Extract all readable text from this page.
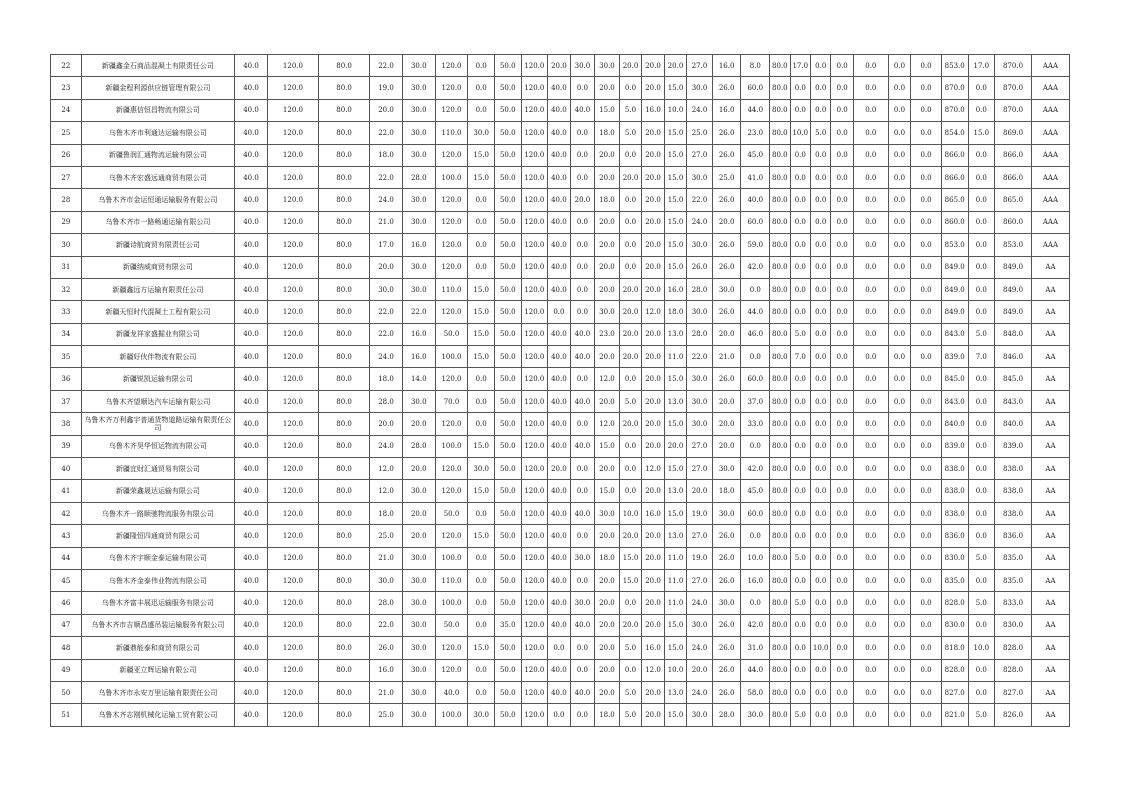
22	新疆鑫金石商品混凝土有限责任公司	40.0	120.0	80.0	22.0	30.0	120.0	0.0	50.0	120.0	20.0	30.0	30.0	20.0	20.0	20.0	27.0	16.0	8.0	80.0	17.0	0.0	0.0	0.0	0.0	0.0	853.0	17.0	870.0	AAA
23	新疆金程利源供应链管理有限公司	40.0	120.0	80.0	19.0	30.0	120.0	0.0	50.0	120.0	40.0	0.0	20.0	0.0	20.0	15.0	30.0	26.0	60.0	80.0	0.0	0.0	0.0	0.0	0.0	0.0	870.0	0.0	870.0	AAA
24	新疆惠信恒昌物流有限公司	40.0	120.0	80.0	20.0	30.0	120.0	0.0	50.0	120.0	40.0	40.0	15.0	5.0	16.0	10.0	24.0	16.0	44.0	80.0	0.0	0.0	0.0	0.0	0.0	0.0	870.0	0.0	870.0	AAA
25	乌鲁木齐市利通达运输有限公司	40.0	120.0	80.0	22.0	30.0	110.0	30.0	50.0	120.0	40.0	0.0	18.0	5.0	20.0	15.0	25.0	26.0	23.0	80.0	10.0	5.0	0.0	0.0	0.0	0.0	854.0	15.0	869.0	AAA
26	新疆鲁润汇通物流运输有限公司	40.0	120.0	80.0	18.0	30.0	120.0	15.0	50.0	120.0	40.0	0.0	20.0	0.0	20.0	15.0	27.0	26.0	45.0	80.0	0.0	0.0	0.0	0.0	0.0	0.0	866.0	0.0	866.0	AAA
27	乌鲁木齐宏盛远通商贸有限公司	40.0	120.0	80.0	22.0	28.0	100.0	15.0	50.0	120.0	40.0	0.0	20.0	20.0	20.0	15.0	30.0	25.0	41.0	80.0	0.0	0.0	0.0	0.0	0.0	0.0	866.0	0.0	866.0	AAA
28	乌鲁木齐市金运恒通运输服务有限公司	40.0	120.0	80.0	24.0	30.0	120.0	0.0	50.0	120.0	40.0	20.0	18.0	0.0	20.0	15.0	22.0	26.0	40.0	80.0	0.0	0.0	0.0	0.0	0.0	0.0	865.0	0.0	865.0	AAA
29	乌鲁木齐市一路畅通运输有限公司	40.0	120.0	80.0	21.0	30.0	120.0	0.0	50.0	120.0	40.0	0.0	20.0	0.0	20.0	15.0	24.0	20.0	60.0	80.0	0.0	0.0	0.0	0.0	0.0	0.0	860.0	0.0	860.0	AAA
30	新疆诗航商贸有限责任公司	40.0	120.0	80.0	17.0	16.0	120.0	0.0	50.0	120.0	40.0	0.0	20.0	0.0	20.0	15.0	30.0	26.0	59.0	80.0	0.0	0.0	0.0	0.0	0.0	0.0	853.0	0.0	853.0	AAA
31	新疆纳威商贸有限公司	40.0	120.0	80.0	20.0	30.0	120.0	0.0	50.0	120.0	40.0	0.0	20.0	0.0	20.0	15.0	26.0	26.0	42.0	80.0	0.0	0.0	0.0	0.0	0.0	0.0	849.0	0.0	849.0	AA
32	新疆鑫远方运输有限责任公司	40.0	120.0	80.0	30.0	30.0	110.0	15.0	50.0	120.0	40.0	0.0	20.0	20.0	20.0	16.0	28.0	30.0	0.0	80.0	0.0	0.0	0.0	0.0	0.0	0.0	849.0	0.0	849.0	AA
33	新疆天恒时代混凝土工程有限公司	40.0	120.0	80.0	22.0	22.0	120.0	15.0	50.0	120.0	0.0	0.0	30.0	20.0	12.0	18.0	30.0	26.0	44.0	80.0	0.0	0.0	0.0	0.0	0.0	0.0	849.0	0.0	849.0	AA
34	新疆龙祥家盛掘业有限公司	40.0	120.0	80.0	22.0	16.0	50.0	15.0	50.0	120.0	40.0	40.0	23.0	20.0	20.0	13.0	28.0	20.0	46.0	80.0	5.0	0.0	0.0	0.0	0.0	0.0	843.0	5.0	848.0	AA
35	新疆好伙伴物流有限公司	40.0	120.0	80.0	24.0	16.0	100.0	15.0	50.0	120.0	40.0	40.0	20.0	20.0	20.0	11.0	22.0	21.0	0.0	80.0	7.0	0.0	0.0	0.0	0.0	0.0	839.0	7.0	846.0	AA
36	新疆锐凯运输有限公司	40.0	120.0	80.0	18.0	14.0	120.0	0.0	50.0	120.0	40.0	0.0	12.0	0.0	20.0	15.0	30.0	26.0	60.0	80.0	0.0	0.0	0.0	0.0	0.0	0.0	845.0	0.0	845.0	AA
37	乌鲁木齐望顺达汽车运输有限公司	40.0	120.0	80.0	28.0	30.0	70.0	0.0	50.0	120.0	40.0	40.0	20.0	5.0	20.0	13.0	30.0	20.0	37.0	80.0	0.0	0.0	0.0	0.0	0.0	0.0	843.0	0.0	843.0	AA
38	乌鲁木齐万利鑫宇普通货物道路运输有限责任公司	40.0	120.0	80.0	20.0	20.0	120.0	0.0	50.0	120.0	40.0	0.0	12.0	20.0	20.0	15.0	30.0	20.0	33.0	80.0	0.0	0.0	0.0	0.0	0.0	0.0	840.0	0.0	840.0	AA
39	乌鲁木齐昊华恒运物流有限公司	40.0	120.0	80.0	24.0	28.0	100.0	15.0	50.0	120.0	40.0	40.0	15.0	0.0	20.0	20.0	27.0	20.0	0.0	80.0	0.0	0.0	0.0	0.0	0.0	0.0	839.0	0.0	839.0	AA
40	新疆宜财汇通贸易有限公司	40.0	120.0	80.0	12.0	20.0	120.0	30.0	50.0	120.0	20.0	0.0	20.0	0.0	12.0	15.0	27.0	30.0	42.0	80.0	0.0	0.0	0.0	0.0	0.0	0.0	838.0	0.0	838.0	AA
41	新疆荣鑫晟达运输有限公司	40.0	120.0	80.0	12.0	30.0	120.0	15.0	50.0	120.0	40.0	0.0	15.0	0.0	20.0	13.0	20.0	18.0	45.0	80.0	0.0	0.0	0.0	0.0	0.0	0.0	838.0	0.0	838.0	AA
42	乌鲁木齐一路顺驰物流服务有限公司	40.0	120.0	80.0	18.0	20.0	50.0	0.0	50.0	120.0	40.0	40.0	30.0	10.0	16.0	15.0	19.0	30.0	60.0	80.0	0.0	0.0	0.0	0.0	0.0	0.0	838.0	0.0	838.0	AA
43	新疆隆恒四通商贸有限公司	40.0	120.0	80.0	25.0	20.0	120.0	15.0	50.0	120.0	40.0	0.0	20.0	20.0	20.0	13.0	27.0	26.0	0.0	80.0	0.0	0.0	0.0	0.0	0.0	0.0	836.0	0.0	836.0	AA
44	乌鲁木齐宇顺金泰运输有限公司	40.0	120.0	80.0	21.0	30.0	100.0	0.0	50.0	120.0	40.0	30.0	18.0	15.0	20.0	11.0	19.0	26.0	10.0	80.0	5.0	0.0	0.0	0.0	0.0	0.0	830.0	5.0	835.0	AA
45	乌鲁木齐金泰伟业物流有限公司	40.0	120.0	80.0	30.0	30.0	110.0	0.0	50.0	120.0	40.0	0.0	20.0	15.0	20.0	11.0	27.0	26.0	16.0	80.0	0.0	0.0	0.0	0.0	0.0	0.0	835.0	0.0	835.0	AA
46	乌鲁木齐富丰展迅运输服务有限公司	40.0	120.0	80.0	28.0	30.0	100.0	0.0	50.0	120.0	40.0	30.0	20.0	0.0	20.0	11.0	24.0	30.0	0.0	80.0	5.0	0.0	0.0	0.0	0.0	0.0	828.0	5.0	833.0	AA
47	乌鲁木齐市吉顺昌盛吊装运输服务有限公司	40.0	120.0	80.0	22.0	30.0	50.0	0.0	35.0	120.0	40.0	40.0	20.0	20.0	20.0	15.0	30.0	26.0	42.0	80.0	0.0	0.0	0.0	0.0	0.0	0.0	830.0	0.0	830.0	AA
48	新疆鼎能泰和商贸有限公司	40.0	120.0	80.0	26.0	30.0	120.0	15.0	50.0	120.0	0.0	0.0	20.0	5.0	16.0	15.0	24.0	26.0	31.0	80.0	0.0	10.0	0.0	0.0	0.0	0.0	818.0	10.0	828.0	AA
49	新疆亚立辉运输有限公司	40.0	120.0	80.0	16.0	30.0	120.0	0.0	50.0	120.0	40.0	0.0	20.0	0.0	12.0	10.0	20.0	26.0	44.0	80.0	0.0	0.0	0.0	0.0	0.0	0.0	828.0	0.0	828.0	AA
50	乌鲁木齐市永安万里运输有限责任公司	40.0	120.0	80.0	21.0	30.0	40.0	0.0	50.0	120.0	40.0	40.0	20.0	5.0	20.0	13.0	24.0	26.0	58.0	80.0	0.0	0.0	0.0	0.0	0.0	0.0	827.0	0.0	827.0	AA
51	乌鲁木齐志刚机械化运输工贸有限公司	40.0	120.0	80.0	25.0	30.0	100.0	30.0	50.0	120.0	0.0	0.0	18.0	5.0	20.0	15.0	30.0	28.0	30.0	80.0	5.0	0.0	0.0	0.0	0.0	0.0	821.0	5.0	826.0	AA
